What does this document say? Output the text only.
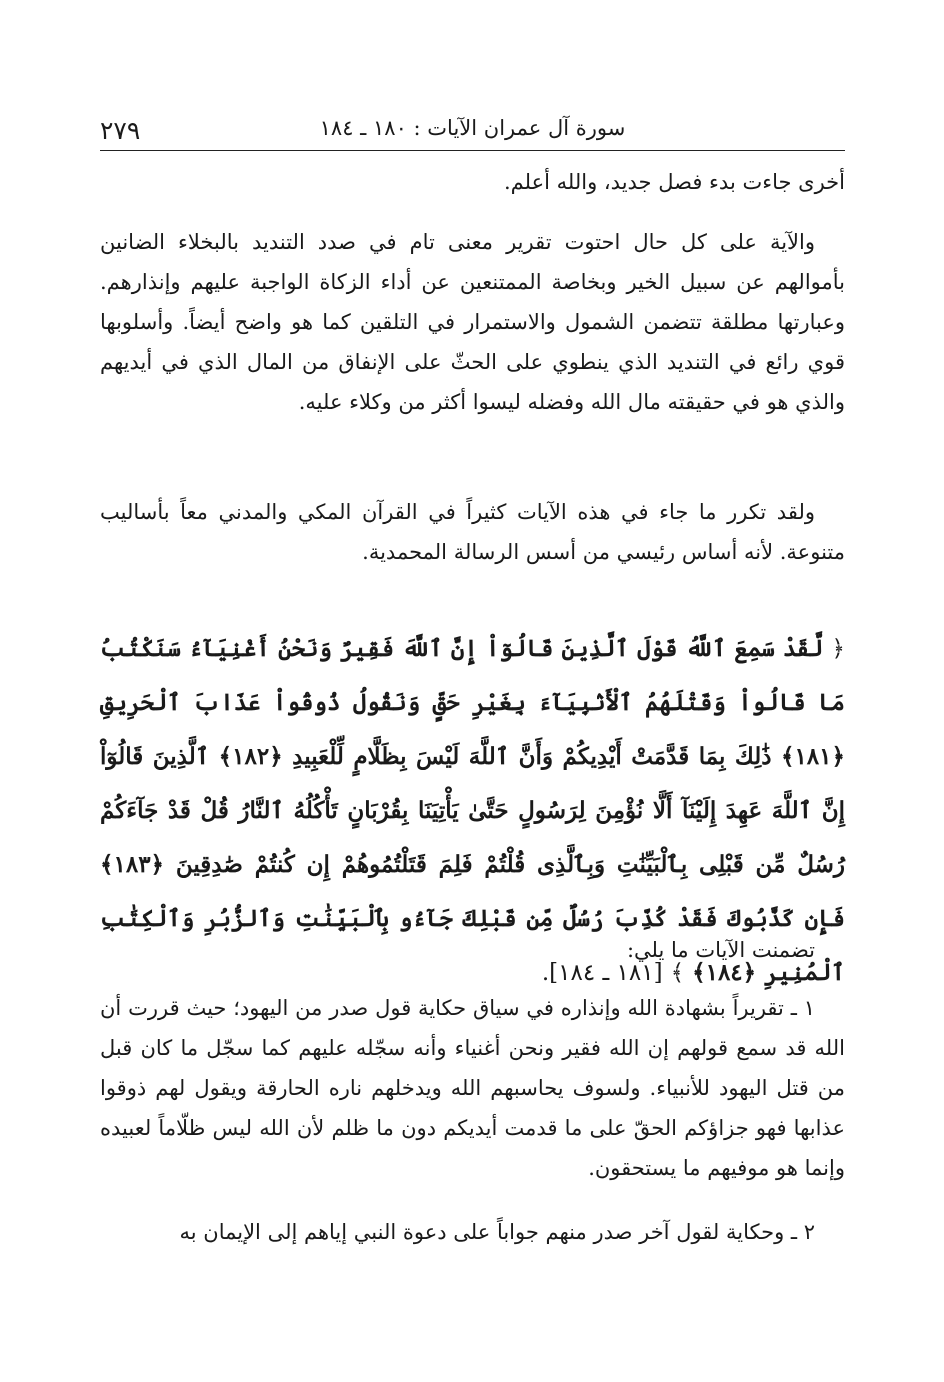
٢٧٩	سورة آل عمران الآيات : ١٨٠ ـ ١٨٤

أخرى جاءت بدء فصل جديد، والله أعلم.

والآية على كل حال احتوت تقرير معنى تام في صدد التنديد بالبخلاء الضانين بأموالهم عن سبيل الخير وبخاصة الممتنعين عن أداء الزكاة الواجبة عليهم وإنذارهم. وعبارتها مطلقة تتضمن الشمول والاستمرار في التلقين كما هو واضح أيضاً. وأسلوبها قوي رائع في التنديد الذي ينطوي على الحثّ على الإنفاق من المال الذي في أيديهم والذي هو في حقيقته مال الله وفضله ليسوا أكثر من وكلاء عليه.

ولقد تكرر ما جاء في هذه الآيات كثيراً في القرآن المكي والمدني معاً بأساليب متنوعة. لأنه أساس رئيسي من أسس الرسالة المحمدية.

﴿ لَّقَدْ سَمِعَ ٱللَّهُ قَوْلَ ٱلَّذِينَ قَالُوٓاْ إِنَّ ٱللَّهَ فَقِيرٌ وَنَحْنُ أَغْنِيَآءُ سَنَكْتُبُ مَا قَالُواْ وَقَتْلَهُمُ ٱلْأَنۢبِيَآءَ بِغَيْرِ حَقٍّ وَنَقُولُ ذُوقُواْ عَذَابَ ٱلْحَرِيقِ ﴿١٨١﴾ ذَٰلِكَ بِمَا قَدَّمَتْ أَيْدِيكُمْ وَأَنَّ ٱللَّهَ لَيْسَ بِظَلَّامٍ لِّلْعَبِيدِ ﴿١٨٢﴾ ٱلَّذِينَ قَالُوٓاْ إِنَّ ٱللَّهَ عَهِدَ إِلَيْنَآ أَلَّا نُؤْمِنَ لِرَسُولٍ حَتَّىٰ يَأْتِيَنَا بِقُرْبَانٍ تَأْكُلُهُ ٱلنَّارُ قُلْ قَدْ جَآءَكُمْ رُسُلٌ مِّن قَبْلِى بِٱلْبَيِّنَٰتِ وَبِٱلَّذِى قُلْتُمْ فَلِمَ قَتَلْتُمُوهُمْ إِن كُنتُمْ صَٰدِقِينَ ﴿١٨٣﴾ فَإِن كَذَّبُوكَ فَقَدْ كُذِّبَ رُسُلٌ مِّن قَبْلِكَ جَآءُو بِٱلْبَيِّنَٰتِ وَٱلزُّبُرِ وَٱلْكِتَٰبِ ٱلْمُنِيرِ ﴿١٨٤﴾ ﴾ [١٨١ ـ ١٨٤].

تضمنت الآيات ما يلي:

١ ـ تقريراً بشهادة الله وإنذاره في سياق حكاية قول صدر من اليهود؛ حيث قررت أن الله قد سمع قولهم إن الله فقير ونحن أغنياء وأنه سجّله عليهم كما سجّل ما كان قبل من قتل اليهود للأنبياء. ولسوف يحاسبهم الله ويدخلهم ناره الحارقة ويقول لهم ذوقوا عذابها فهو جزاؤكم الحقّ على ما قدمت أيديكم دون ما ظلم لأن الله ليس ظلّاماً لعبيده وإنما هو موفيهم ما يستحقون.

٢ ـ وحكاية لقول آخر صدر منهم جواباً على دعوة النبي إياهم إلى الإيمان به
